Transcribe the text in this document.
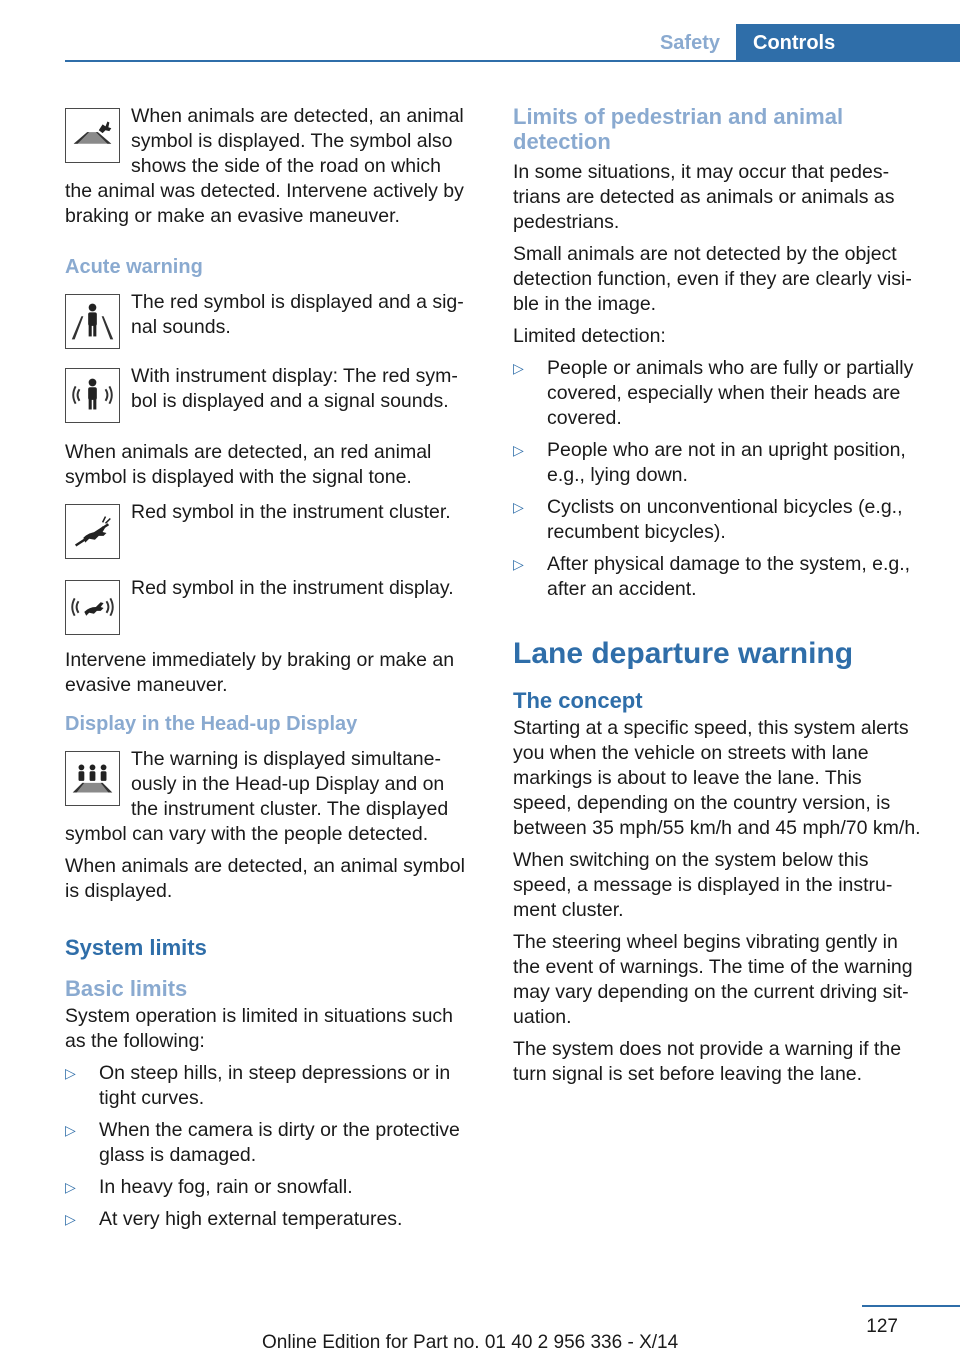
Safety	Controls

When animals are detected, an animal symbol is displayed. The symbol also shows the side of the road on which the animal was detected. Intervene actively by braking or make an evasive maneuver.

Acute warning

The red symbol is displayed and a signal sounds.

With instrument display: The red symbol is displayed and a signal sounds.

When animals are detected, an red animal symbol is displayed with the signal tone.

Red symbol in the instrument cluster.

Red symbol in the instrument display.

Intervene immediately by braking or make an evasive maneuver.

Display in the Head-up Display

The warning is displayed simultaneously in the Head-up Display and on the instrument cluster. The displayed symbol can vary with the people detected.

When animals are detected, an animal symbol is displayed.

System limits
Basic limits

System operation is limited in situations such as the following:

▷ On steep hills, in steep depressions or in tight curves.
▷ When the camera is dirty or the protective glass is damaged.
▷ In heavy fog, rain or snowfall.
▷ At very high external temperatures.
Limits of pedestrian and animal detection

In some situations, it may occur that pedestrians are detected as animals or animals as pedestrians.

Small animals are not detected by the object detection function, even if they are clearly visible in the image.

Limited detection:

▷ People or animals who are fully or partially covered, especially when their heads are covered.
▷ People who are not in an upright position, e.g., lying down.
▷ Cyclists on unconventional bicycles (e.g., recumbent bicycles).
▷ After physical damage to the system, e.g., after an accident.
Lane departure warning
The concept

Starting at a specific speed, this system alerts you when the vehicle on streets with lane markings is about to leave the lane. This speed, depending on the country version, is between 35 mph/55 km/h and 45 mph/70 km/h.

When switching on the system below this speed, a message is displayed in the instrument cluster.

The steering wheel begins vibrating gently in the event of warnings. The time of the warning may vary depending on the current driving situation.

The system does not provide a warning if the turn signal is set before leaving the lane.

127
Online Edition for Part no. 01 40 2 956 336 - X/14
